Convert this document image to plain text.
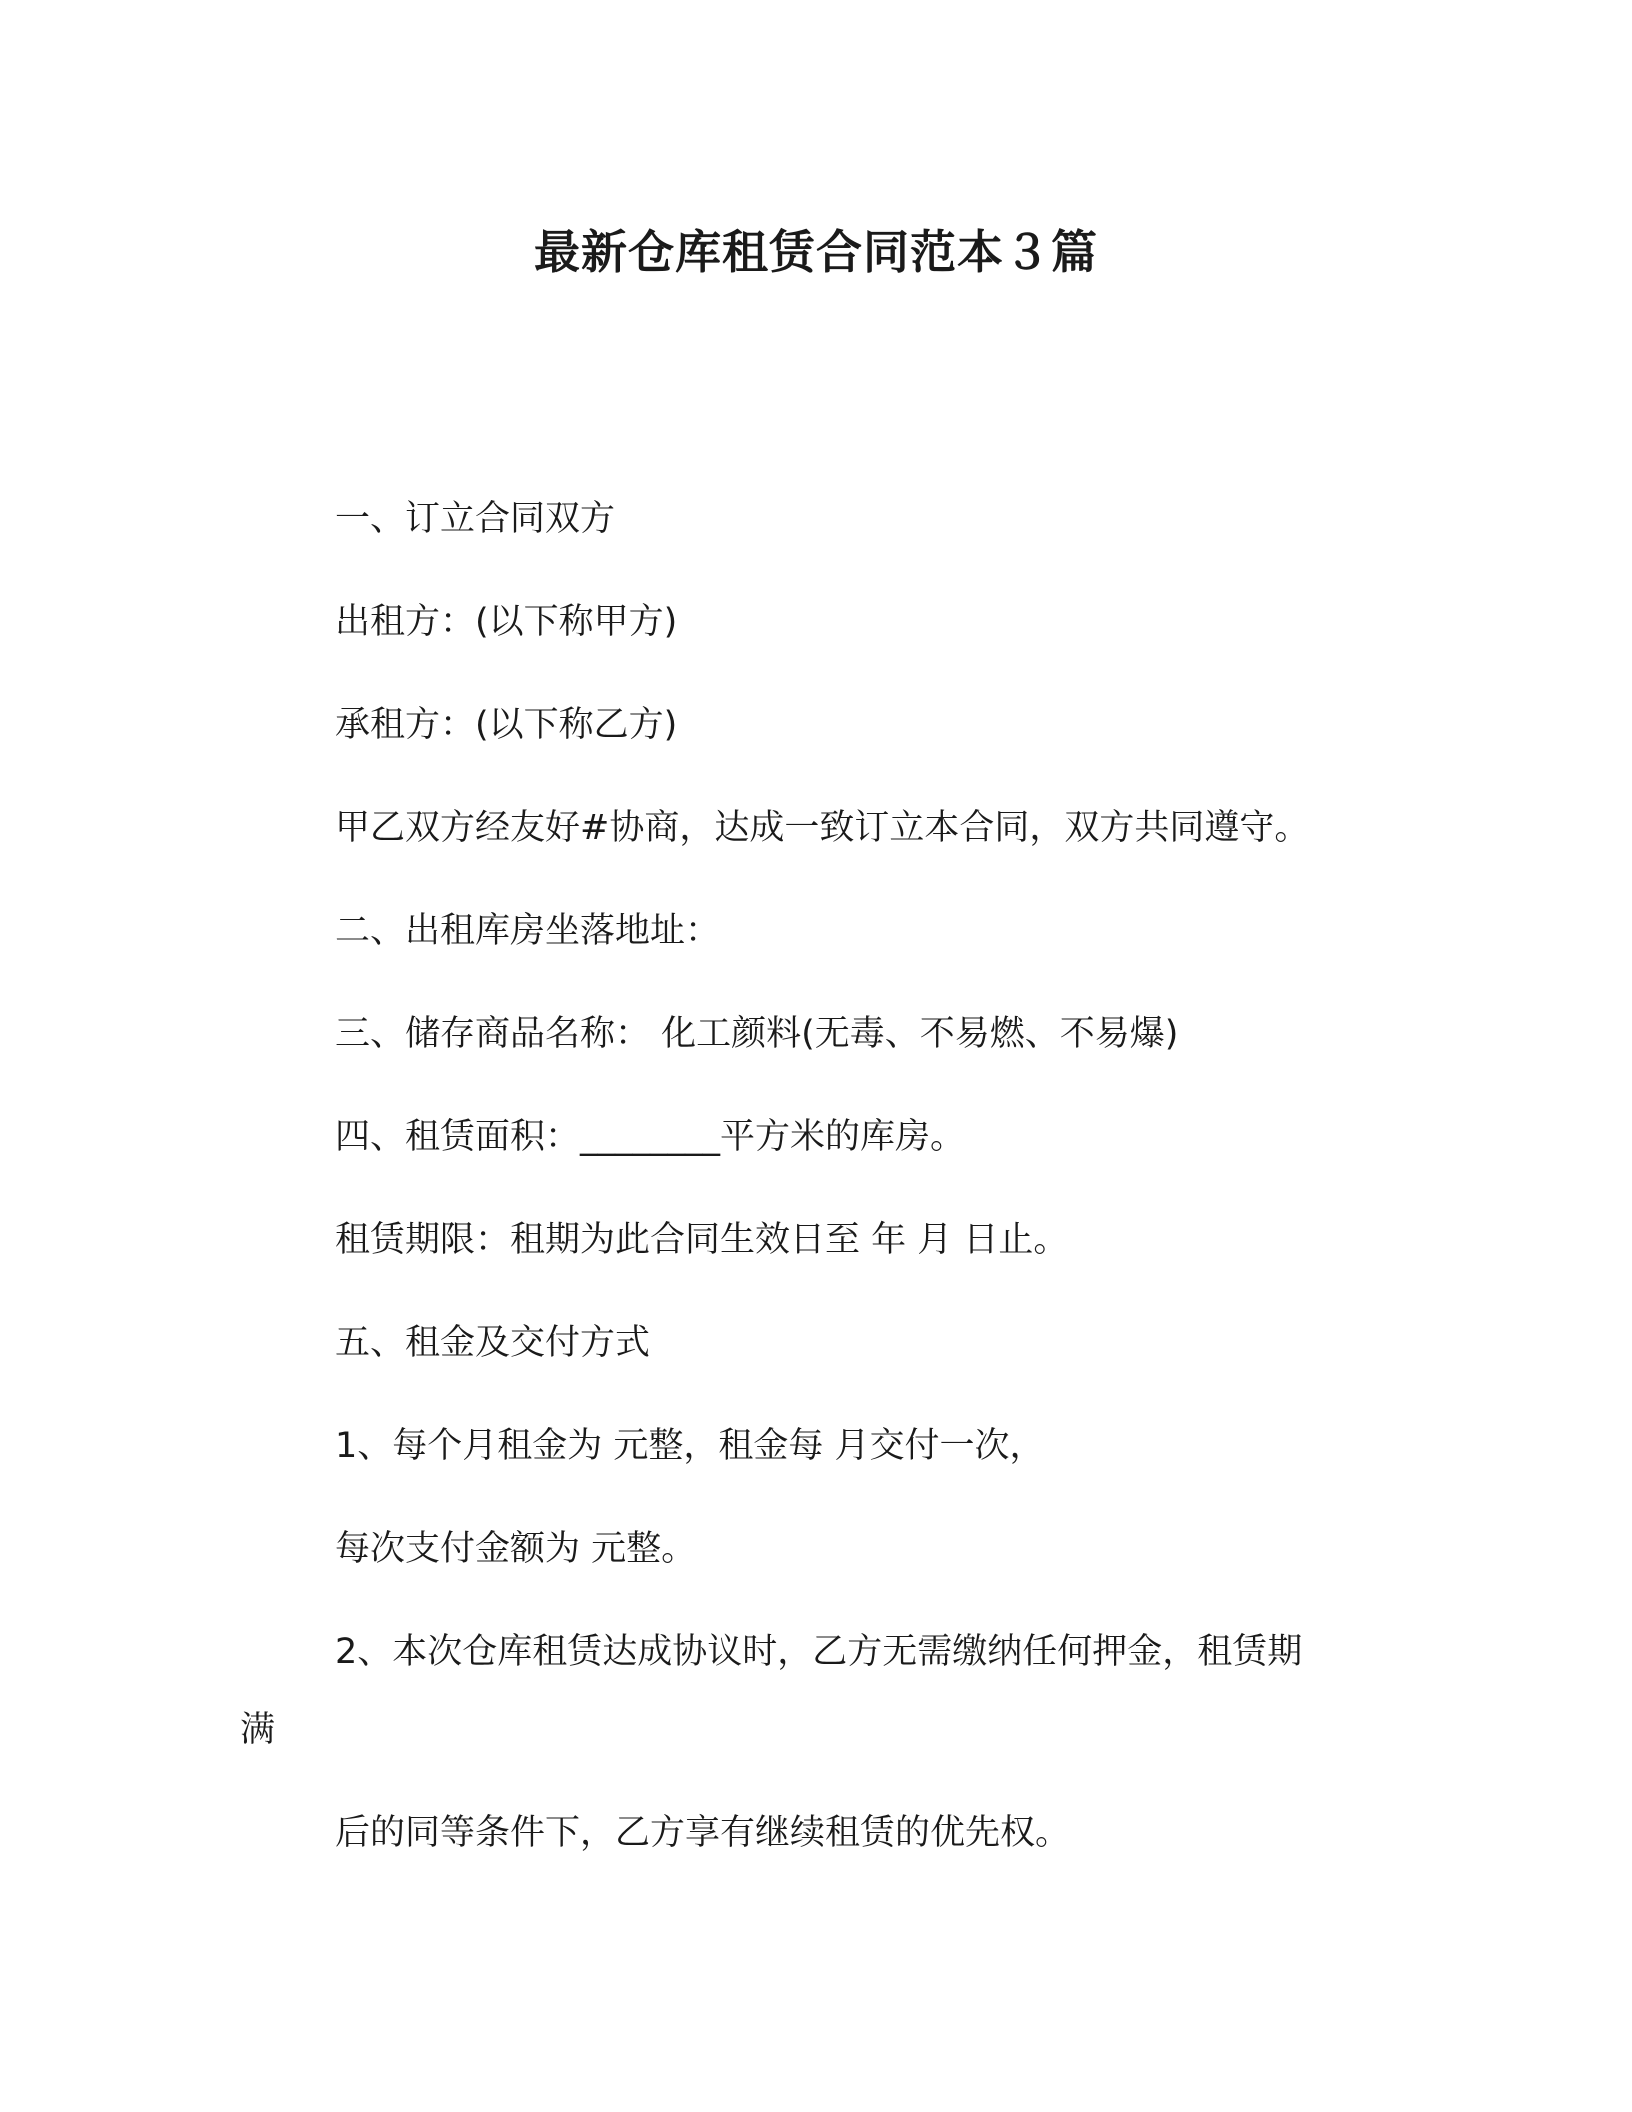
最新仓库租赁合同范本３篇
一、订立合同双方
出租方：(以下称甲方)
承租方：(以下称乙方)
甲乙双方经友好#协商，达成一致订立本合同，双方共同遵守。
二、出租库房坐落地址：
三、储存商品名称： 化工颜料(无毒、不易燃、不易爆)
四、租赁面积：________平方米的库房。
租赁期限：租期为此合同生效日至 年 月 日止。
五、租金及交付方式
1、每个月租金为 元整，租金每 月交付一次，
每次支付金额为 元整。
2、本次仓库租赁达成协议时，乙方无需缴纳任何押金，租赁期
满
后的同等条件下，乙方享有继续租赁的优先权。
